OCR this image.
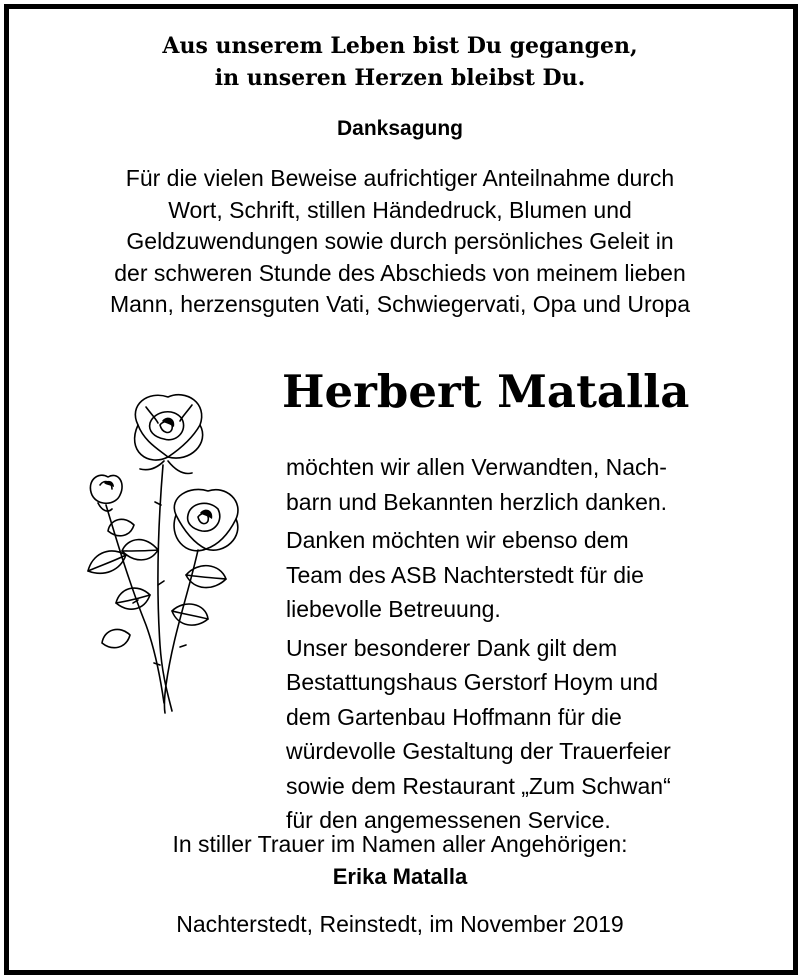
Aus unserem Leben bist Du gegangen,
in unseren Herzen bleibst Du.
Danksagung
Für die vielen Beweise aufrichtiger Anteilnahme durch
Wort, Schrift, stillen Händedruck, Blumen und
Geldzuwendungen sowie durch persönliches Geleit in
der schweren Stunde des Abschieds von meinem lieben
Mann, herzensguten Vati, Schwiegervati, Opa und Uropa
Herbert Matalla
möchten wir allen Verwandten, Nach-
barn und Bekannten herzlich danken.
Danken möchten wir ebenso dem
Team des ASB Nachterstedt für die
liebevolle Betreuung.
Unser besonderer Dank gilt dem
Bestattungshaus Gerstorf Hoym und
dem Gartenbau Hoffmann für die
würdevolle Gestaltung der Trauerfeier
sowie dem Restaurant „Zum Schwan“
für den angemessenen Service.
In stiller Trauer im Namen aller Angehörigen:
Erika Matalla
Nachterstedt, Reinstedt, im November 2019
